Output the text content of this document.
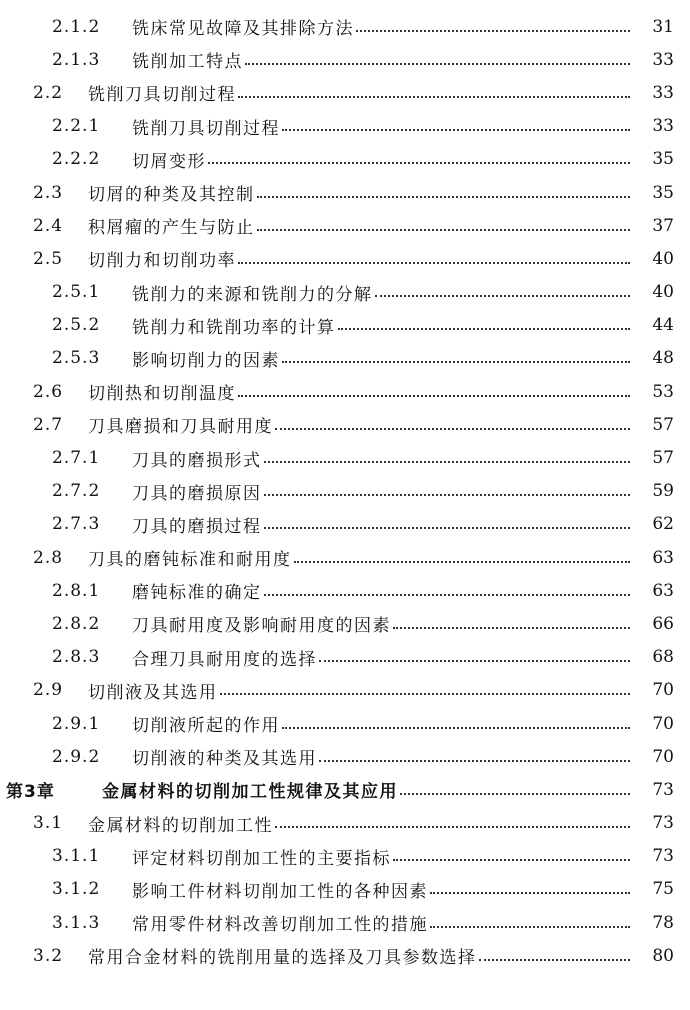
2.1.2	铣床常见故障及其排除方法	31
2.1.3	铣削加工特点	33
2.2	铣削刀具切削过程	33
2.2.1	铣削刀具切削过程	33
2.2.2	切屑变形	35
2.3	切屑的种类及其控制	35
2.4	积屑瘤的产生与防止	37
2.5	切削力和切削功率	40
2.5.1	铣削力的来源和铣削力的分解	40
2.5.2	铣削力和铣削功率的计算	44
2.5.3	影响切削力的因素	48
2.6	切削热和切削温度	53
2.7	刀具磨损和刀具耐用度	57
2.7.1	刀具的磨损形式	57
2.7.2	刀具的磨损原因	59
2.7.3	刀具的磨损过程	62
2.8	刀具的磨钝标准和耐用度	63
2.8.1	磨钝标准的确定	63
2.8.2	刀具耐用度及影响耐用度的因素	66
2.8.3	合理刀具耐用度的选择	68
2.9	切削液及其选用	70
2.9.1	切削液所起的作用	70
2.9.2	切削液的种类及其选用	70
第3章	金属材料的切削加工性规律及其应用	73
3.1	金属材料的切削加工性	73
3.1.1	评定材料切削加工性的主要指标	73
3.1.2	影响工件材料切削加工性的各种因素	75
3.1.3	常用零件材料改善切削加工性的措施	78
3.2	常用合金材料的铣削用量的选择及刀具参数选择	80
